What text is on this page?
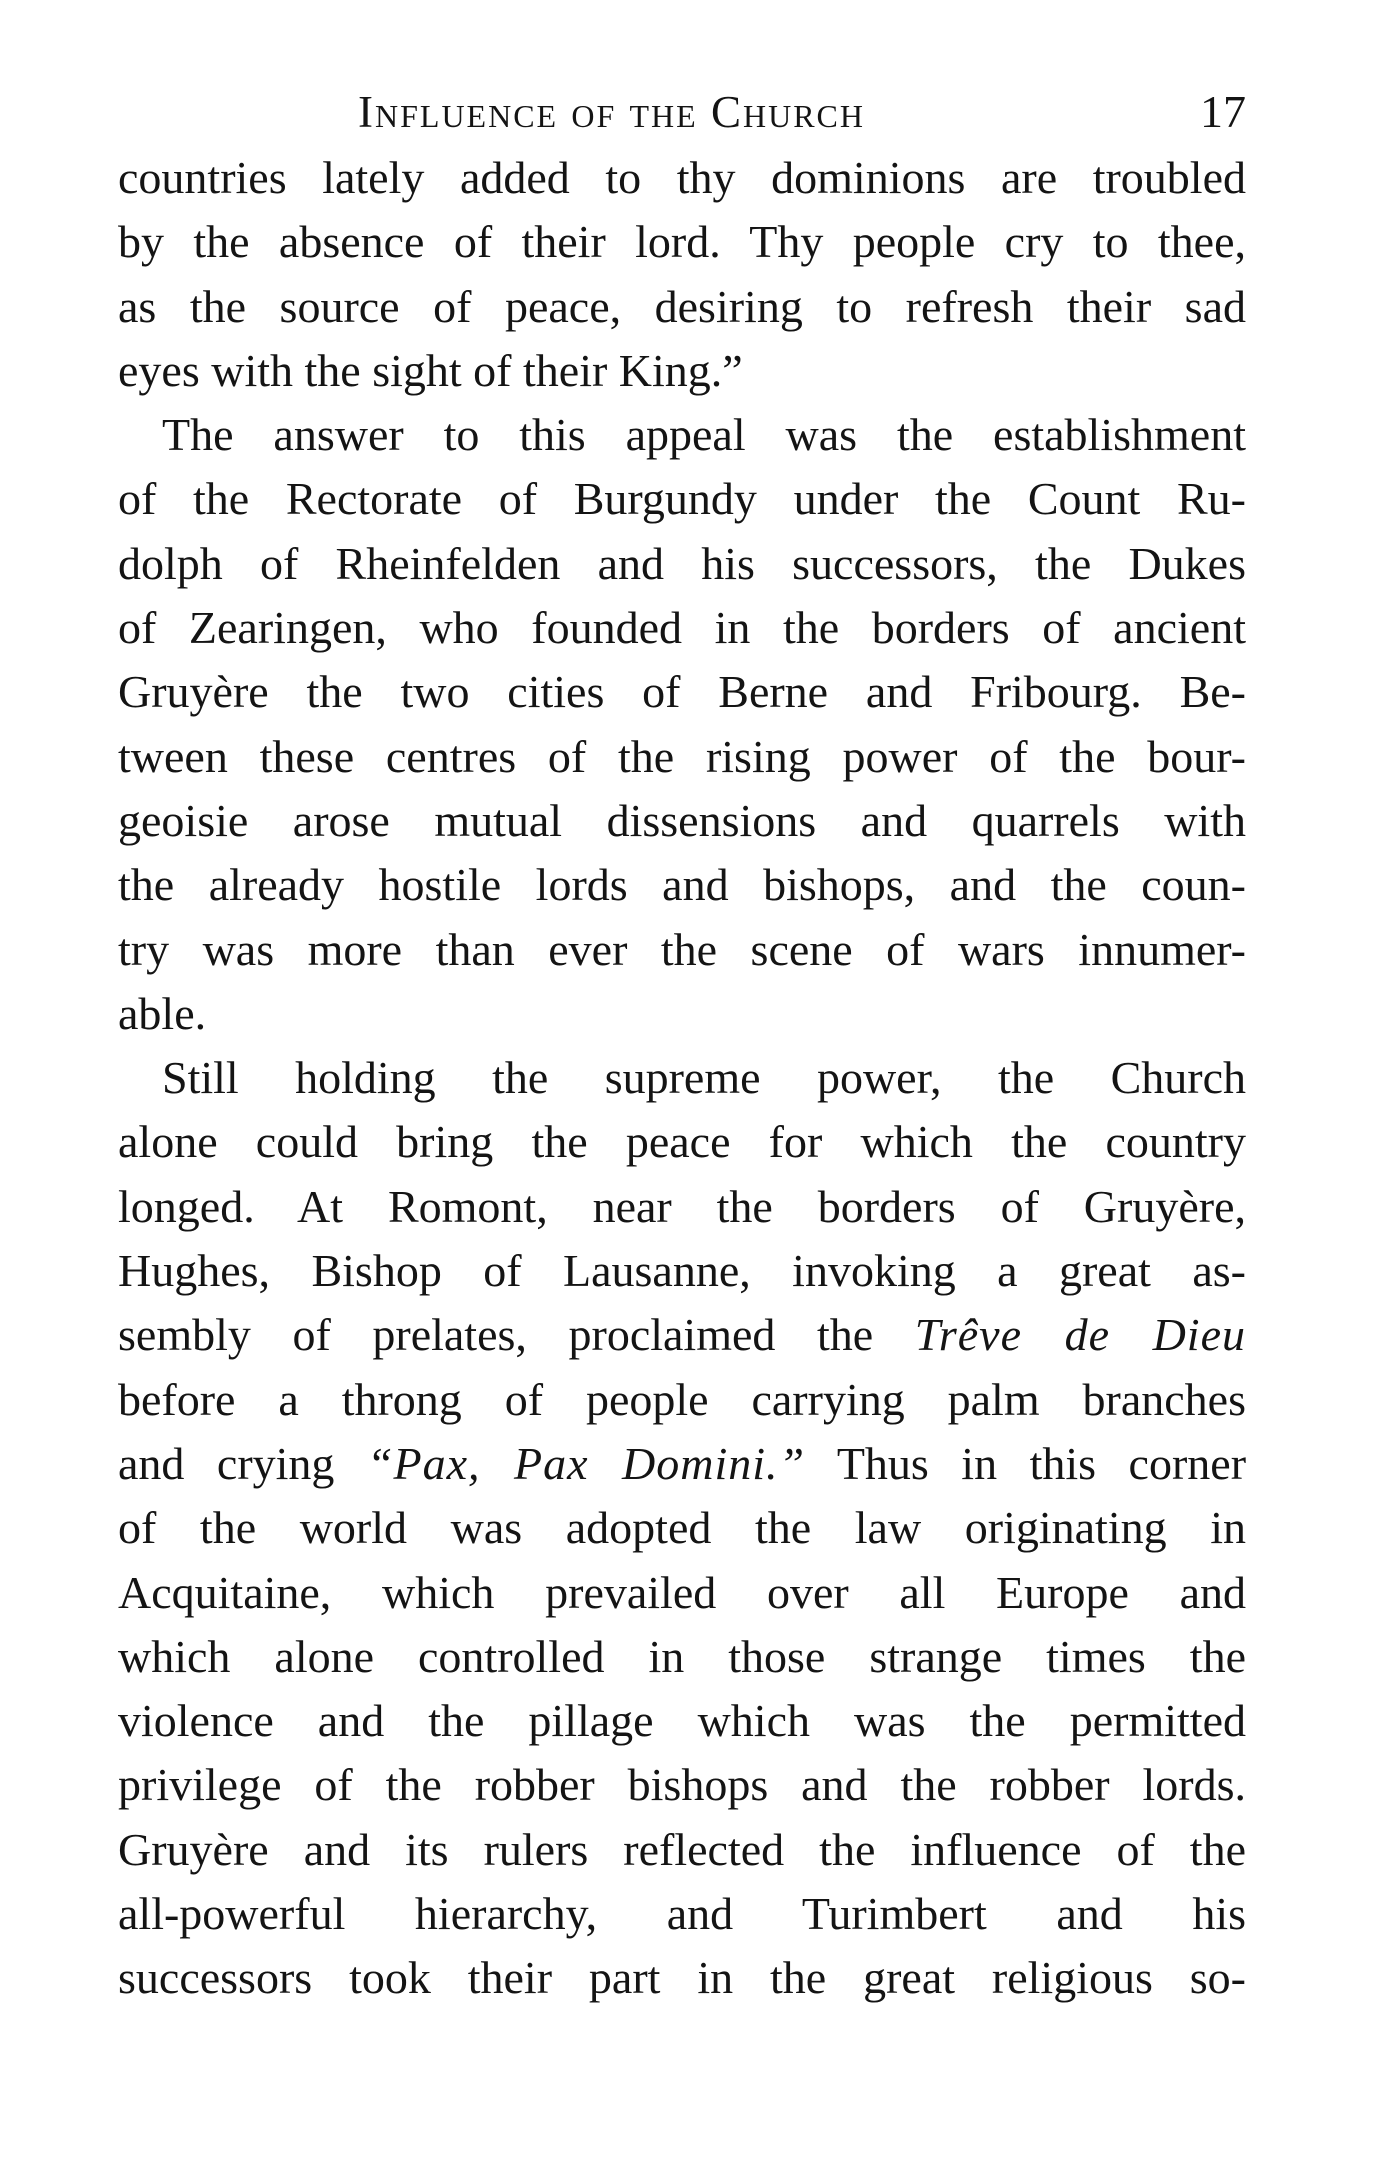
Influence of the Church	17
countries lately added to thy dominions are troubled
by the absence of their lord. Thy people cry to thee,
as the source of peace, desiring to refresh their sad
eyes with the sight of their King.”
The answer to this appeal was the establishment
of the Rectorate of Burgundy under the Count Ru-
dolph of Rheinfelden and his successors, the Dukes
of Zearingen, who founded in the borders of ancient
Gruyère the two cities of Berne and Fribourg. Be-
tween these centres of the rising power of the bour-
geoisie arose mutual dissensions and quarrels with
the already hostile lords and bishops, and the coun-
try was more than ever the scene of wars innumer-
able.
Still holding the supreme power, the Church
alone could bring the peace for which the country
longed. At Romont, near the borders of Gruyère,
Hughes, Bishop of Lausanne, invoking a great as-
sembly of prelates, proclaimed the Trêve de Dieu
before a throng of people carrying palm branches
and crying “Pax, Pax Domini.” Thus in this corner
of the world was adopted the law originating in
Acquitaine, which prevailed over all Europe and
which alone controlled in those strange times the
violence and the pillage which was the permitted
privilege of the robber bishops and the robber lords.
Gruyère and its rulers reflected the influence of the
all-powerful hierarchy, and Turimbert and his
successors took their part in the great religious so-
